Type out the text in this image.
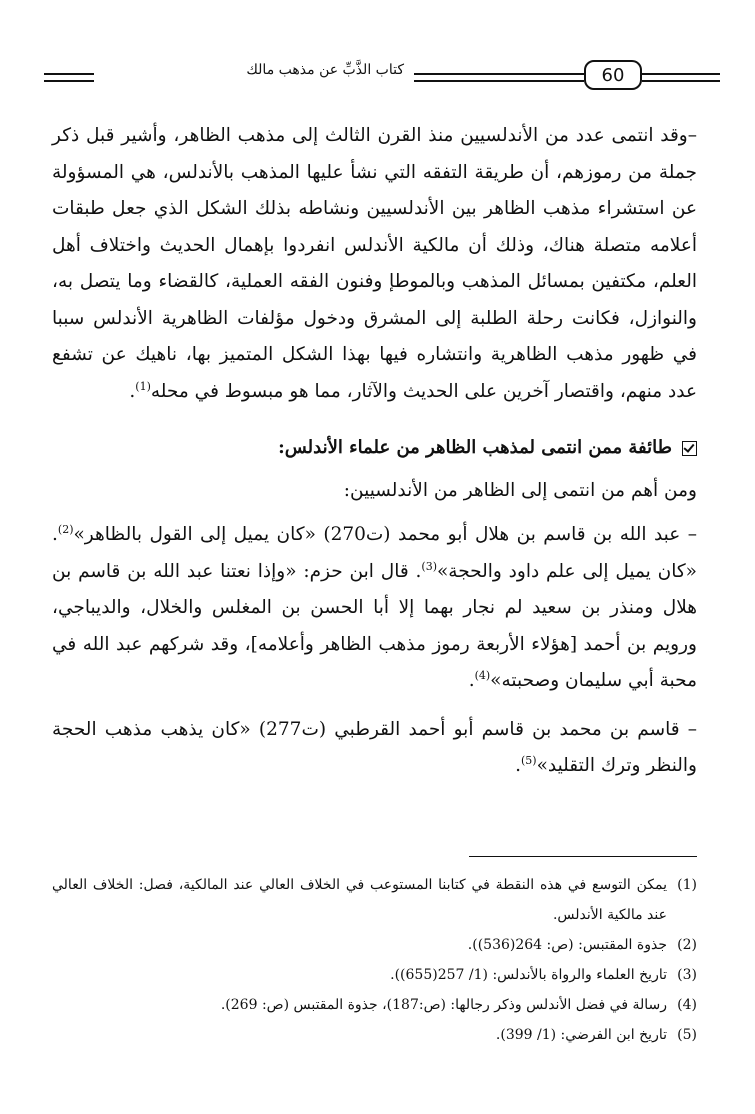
60
كتاب الذَّبِّ عن مذهب مالك

–وقد انتمى عدد من الأندلسيين منذ القرن الثالث إلى مذهب الظاهر، وأشير قبل ذكر جملة من رموزهم، أن طريقة التفقه التي نشأ عليها المذهب بالأندلس، هي المسؤولة عن استشراء مذهب الظاهر بين الأندلسيين ونشاطه بذلك الشكل الذي جعل طبقات أعلامه متصلة هناك، وذلك أن مالكية الأندلس انفردوا بإهمال الحديث واختلاف أهل العلم، مكتفين بمسائل المذهب وبالموطإ وفنون الفقه العملية، كالقضاء وما يتصل به، والنوازل، فكانت رحلة الطلبة إلى المشرق ودخول مؤلفات الظاهرية الأندلس سببا في ظهور مذهب الظاهرية وانتشاره فيها بهذا الشكل المتميز بها، ناهيك عن تشفع عدد منهم، واقتصار آخرين على الحديث والآثار، مما هو مبسوط في محله$^{(1)}$.

طائفة ممن انتمى لمذهب الظاهر من علماء الأندلس:

ومن أهم من انتمى إلى الظاهر من الأندلسيين:

– عبد الله بن قاسم بن هلال أبو محمد (ت270) «كان يميل إلى القول بالظاهر»$^{(2)}$. «كان يميل إلى علم داود والحجة»$^{(3)}$. قال ابن حزم: «وإذا نعتنا عبد الله بن قاسم بن هلال ومنذر بن سعيد لم نجار بهما إلا أبا الحسن بن المغلس والخلال، والديباجي، ورويم بن أحمد [هؤلاء الأربعة رموز مذهب الظاهر وأعلامه]، وقد شركهم عبد الله في محبة أبي سليمان وصحبته»$^{(4)}$.

– قاسم بن محمد بن قاسم أبو أحمد القرطبي (ت277) «كان يذهب مذهب الحجة والنظر وترك التقليد»$^{(5)}$.

(1)
يمكن التوسع في هذه النقطة في كتابنا المستوعب في الخلاف العالي عند المالكية، فصل: الخلاف العالي عند مالكية الأندلس.

(2)
جذوة المقتبس: (ص: 264(536)).

(3)
تاريخ العلماء والرواة بالأندلس: (1/ 257(655)).

(4)
رسالة في فضل الأندلس وذكر رجالها: (ص:187)، جذوة المقتبس (ص: 269).

(5)
تاريخ ابن الفرضي: (1/ 399).
